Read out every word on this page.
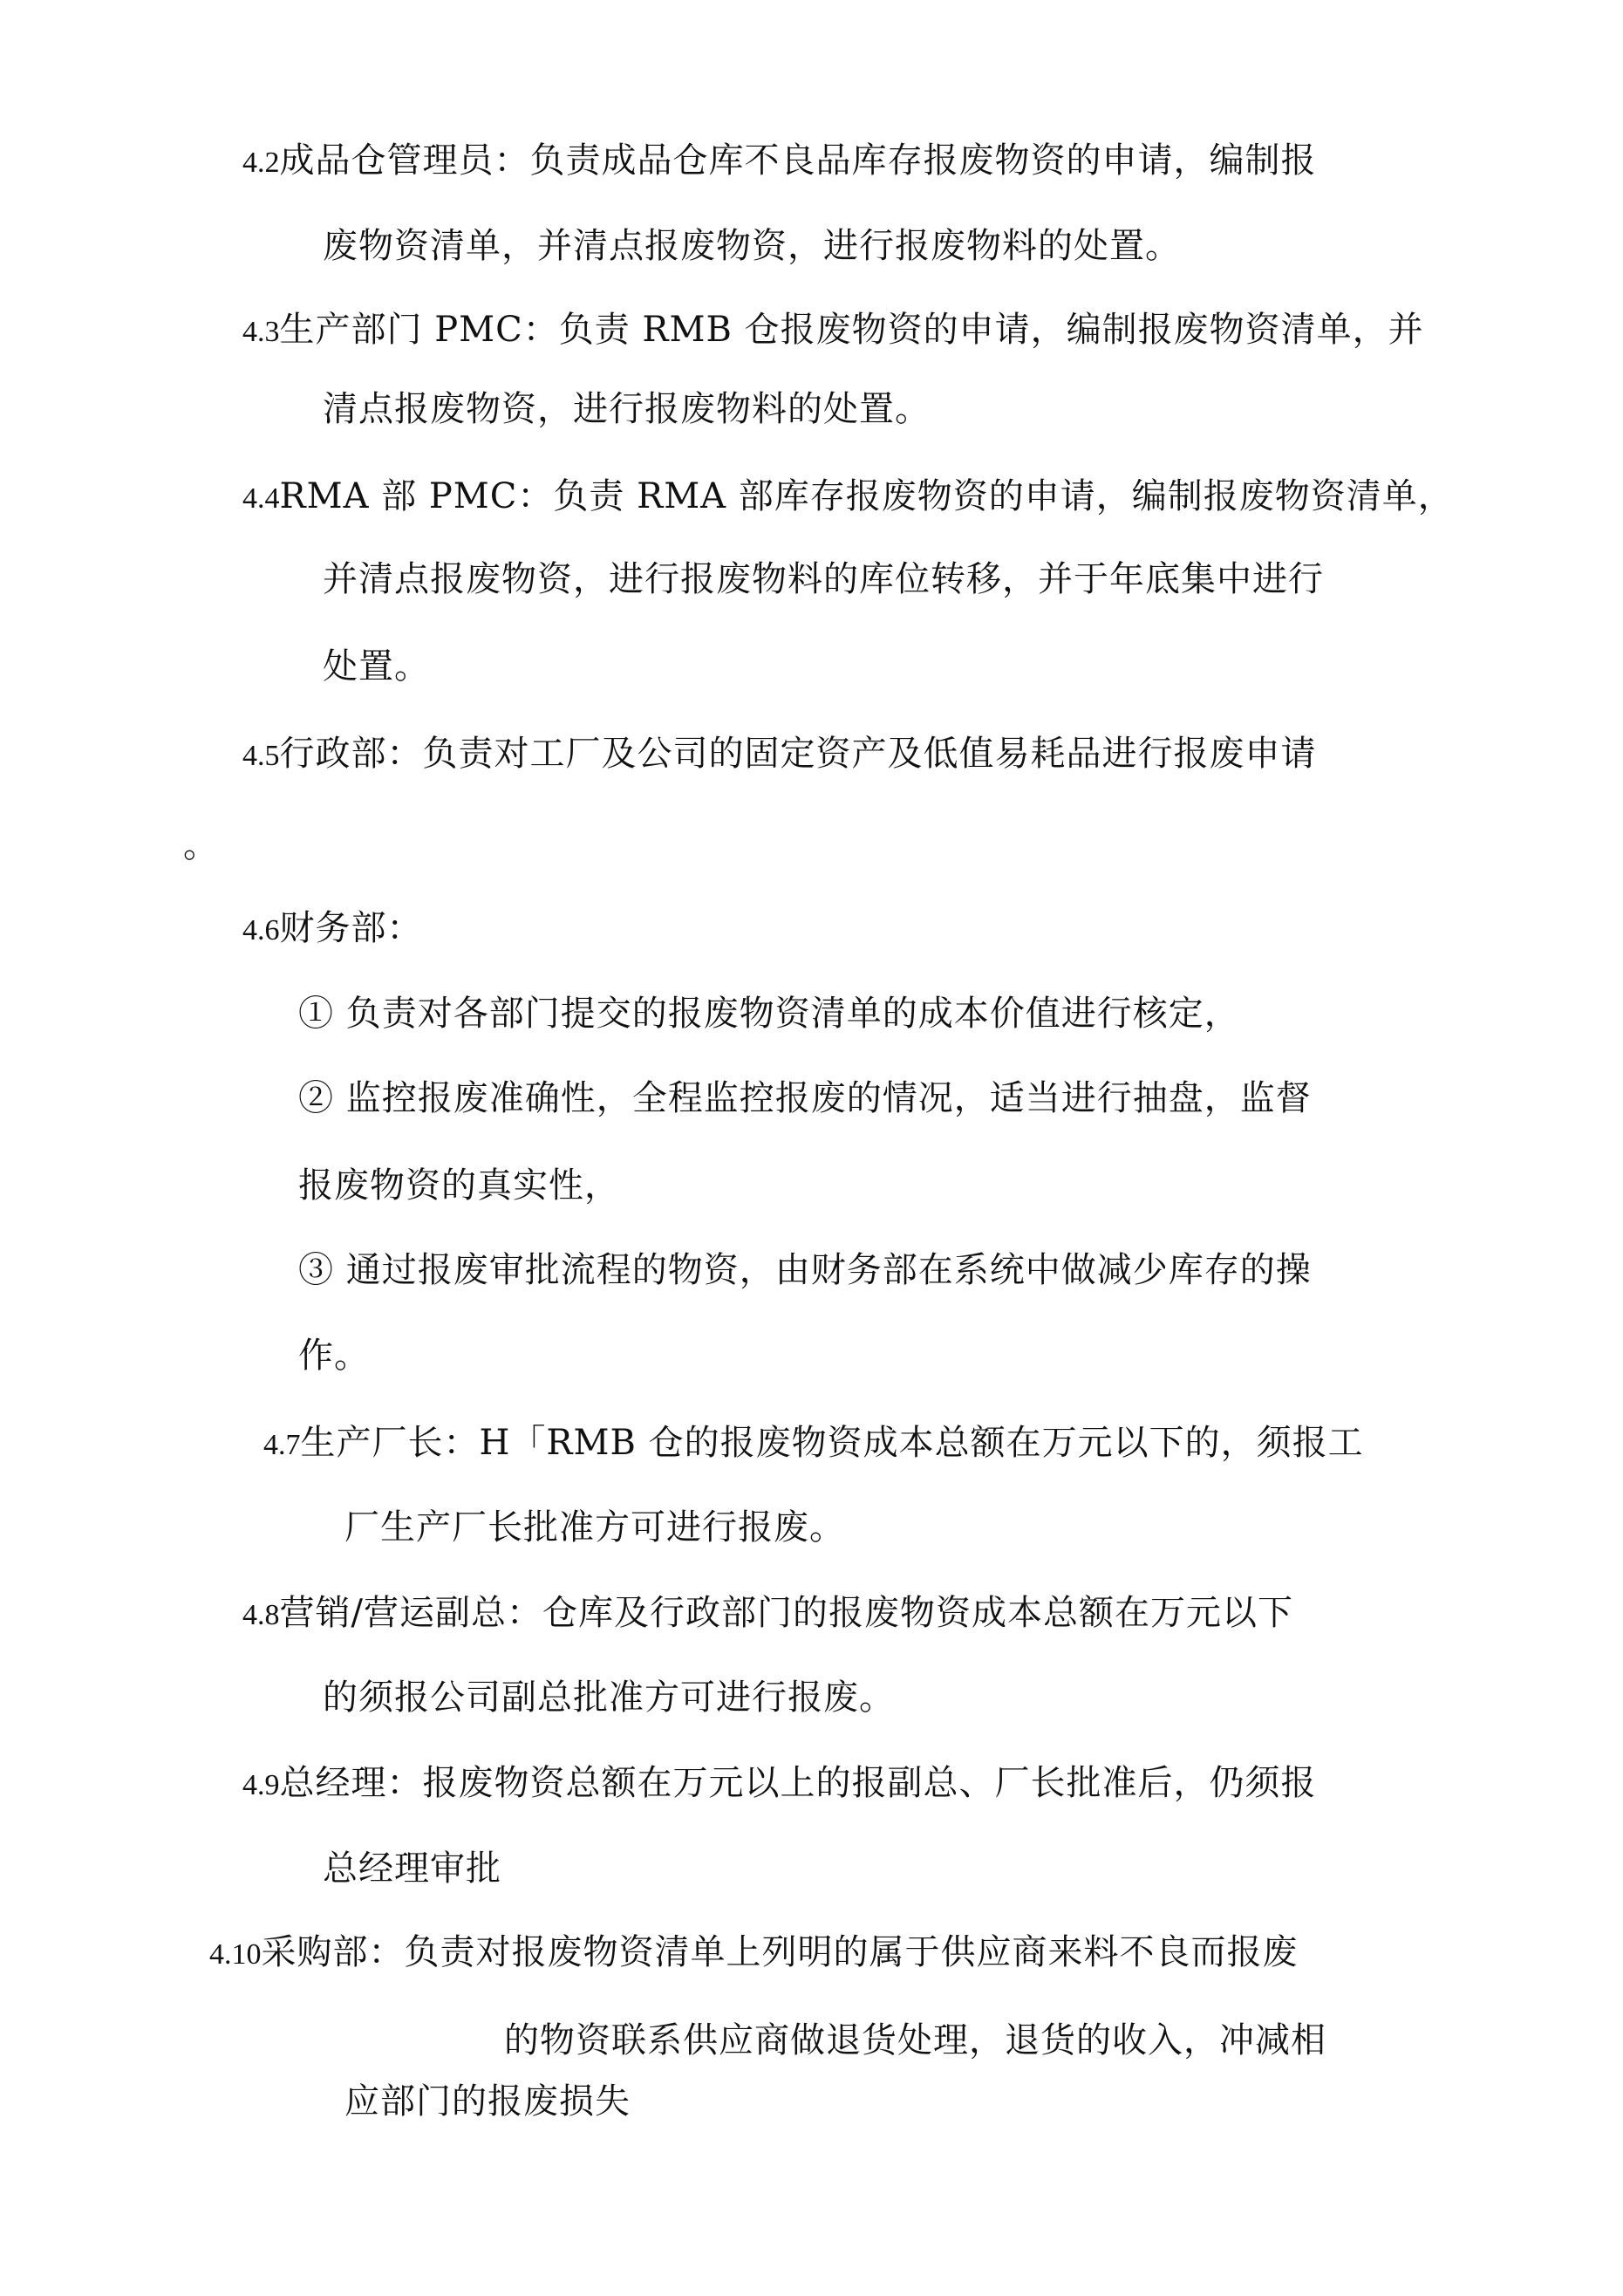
4.2成品仓管理员：负责成品仓库不良品库存报废物资的申请，编制报
废物资清单，并清点报废物资，进行报废物料的处置。
4.3生产部门 PMC：负责 RMB 仓报废物资的申请，编制报废物资清单，并
清点报废物资，进行报废物料的处置。
4.4RMA 部 PMC：负责 RMA 部库存报废物资的申请，编制报废物资清单，
并清点报废物资，进行报废物料的库位转移，并于年底集中进行
处置。
4.5行政部：负责对工厂及公司的固定资产及低值易耗品进行报废申请
。
4.6财务部：
① 负责对各部门提交的报废物资清单的成本价值进行核定，
② 监控报废准确性，全程监控报废的情况，适当进行抽盘，监督
报废物资的真实性，
③ 通过报废审批流程的物资，由财务部在系统中做减少库存的操
作。
4.7生产厂长：H「RMB 仓的报废物资成本总额在万元以下的，须报工
厂生产厂长批准方可进行报废。
4.8营销/营运副总：仓库及行政部门的报废物资成本总额在万元以下
的须报公司副总批准方可进行报废。
4.9总经理：报废物资总额在万元以上的报副总、厂长批准后，仍须报
总经理审批
4.10采购部：负责对报废物资清单上列明的属于供应商来料不良而报废
的物资联系供应商做退货处理，退货的收入，冲减相
应部门的报废损失
